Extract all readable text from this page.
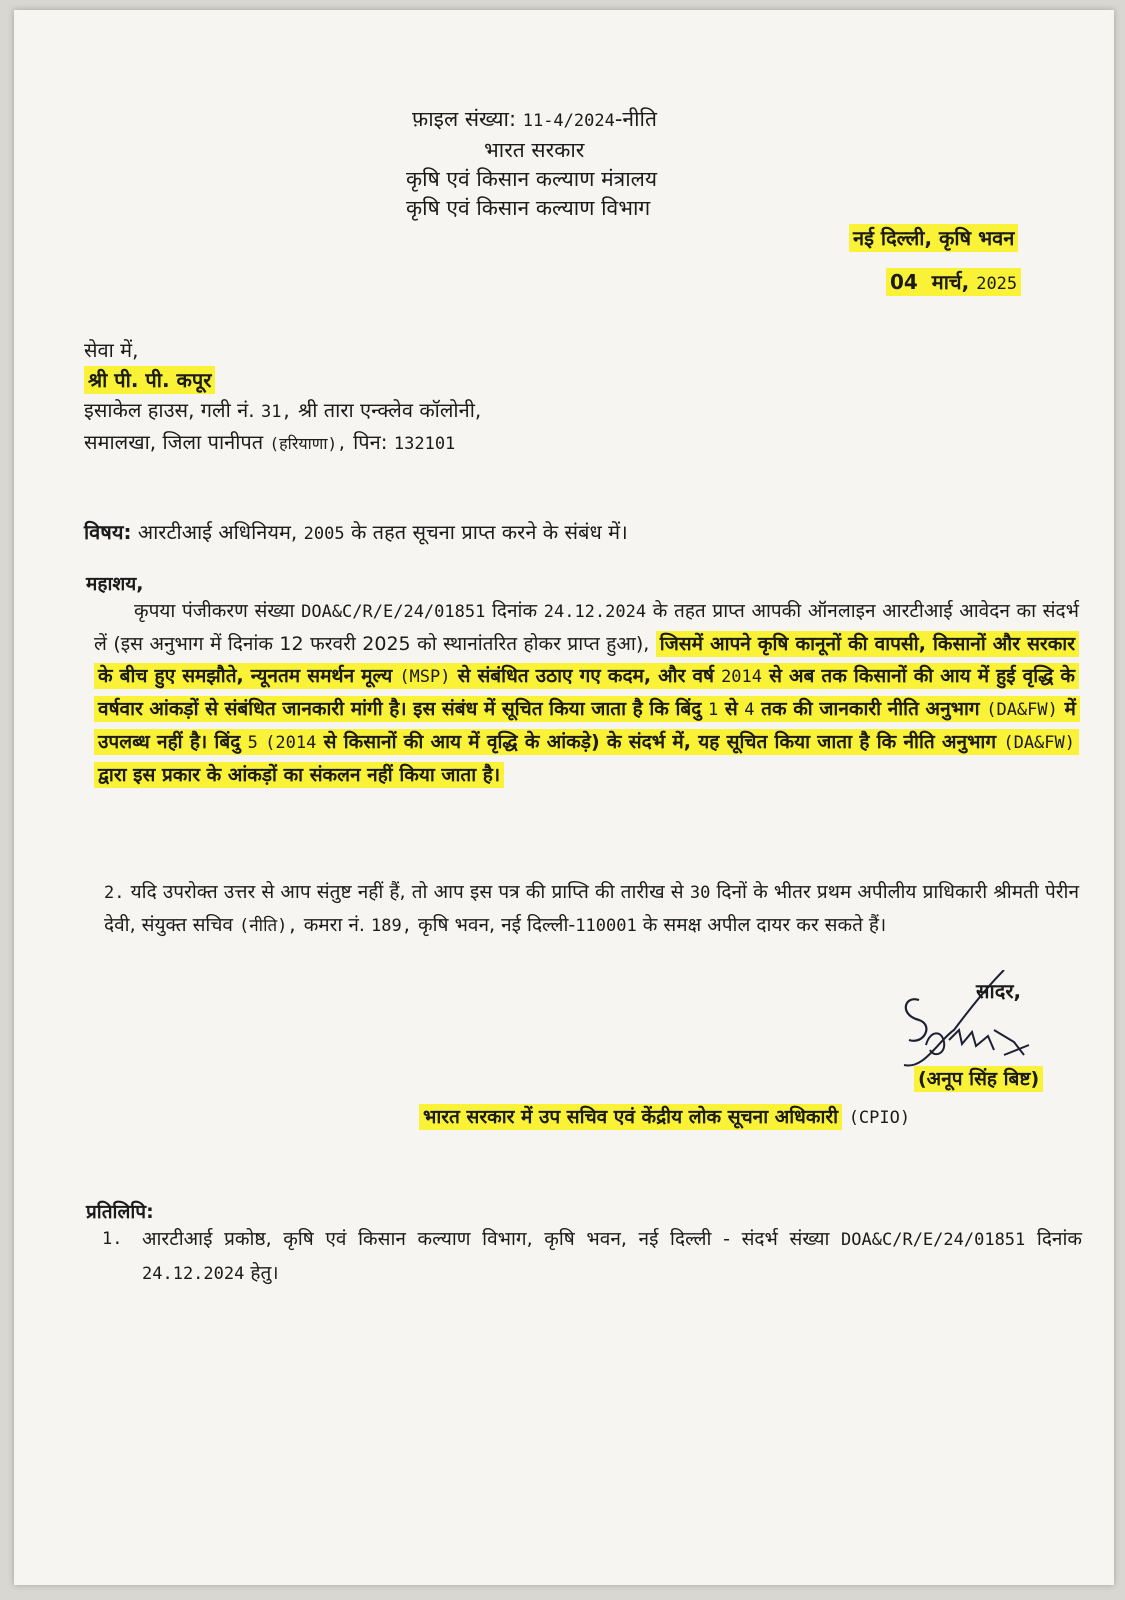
फ़ाइल संख्या: 11-4/2024-नीति
भारत सरकार
कृषि एवं किसान कल्याण मंत्रालय
कृषि एवं किसान कल्याण विभाग
नई दिल्ली, कृषि भवन
04 मार्च, 2025
सेवा में,
श्री पी. पी. कपूर
इसाकेल हाउस, गली नं. 31, श्री तारा एन्क्लेव कॉलोनी,
समालखा, जिला पानीपत (हरियाणा), पिन: 132101
विषय: आरटीआई अधिनियम, 2005 के तहत सूचना प्राप्त करने के संबंध में।
महाशय,
कृपया पंजीकरण संख्या DOA&C/R/E/24/01851 दिनांक 24.12.2024 के तहत प्राप्त आपकी ऑनलाइन आरटीआई आवेदन का संदर्भ लें (इस अनुभाग में दिनांक 12 फरवरी 2025 को स्थानांतरित होकर प्राप्त हुआ), जिसमें आपने कृषि कानूनों की वापसी, किसानों और सरकार के बीच हुए समझौते, न्यूनतम समर्थन मूल्य (MSP) से संबंधित उठाए गए कदम, और वर्ष 2014 से अब तक किसानों की आय में हुई वृद्धि के वर्षवार आंकड़ों से संबंधित जानकारी मांगी है। इस संबंध में सूचित किया जाता है कि बिंदु 1 से 4 तक की जानकारी नीति अनुभाग (DA&FW) में उपलब्ध नहीं है। बिंदु 5 (2014 से किसानों की आय में वृद्धि के आंकड़े) के संदर्भ में, यह सूचित किया जाता है कि नीति अनुभाग (DA&FW) द्वारा इस प्रकार के आंकड़ों का संकलन नहीं किया जाता है।
2. यदि उपरोक्त उत्तर से आप संतुष्ट नहीं हैं, तो आप इस पत्र की प्राप्ति की तारीख से 30 दिनों के भीतर प्रथम अपीलीय प्राधिकारी श्रीमती पेरीन देवी, संयुक्त सचिव (नीति), कमरा नं. 189, कृषि भवन, नई दिल्ली-110001 के समक्ष अपील दायर कर सकते हैं।
सादर,
(अनूप सिंह बिष्ट)
भारत सरकार में उप सचिव एवं केंद्रीय लोक सूचना अधिकारी (CPIO)
प्रतिलिपि:
1. आरटीआई प्रकोष्ठ, कृषि एवं किसान कल्याण विभाग, कृषि भवन, नई दिल्ली - संदर्भ संख्या DOA&C/R/E/24/01851 दिनांक 24.12.2024 हेतु।
